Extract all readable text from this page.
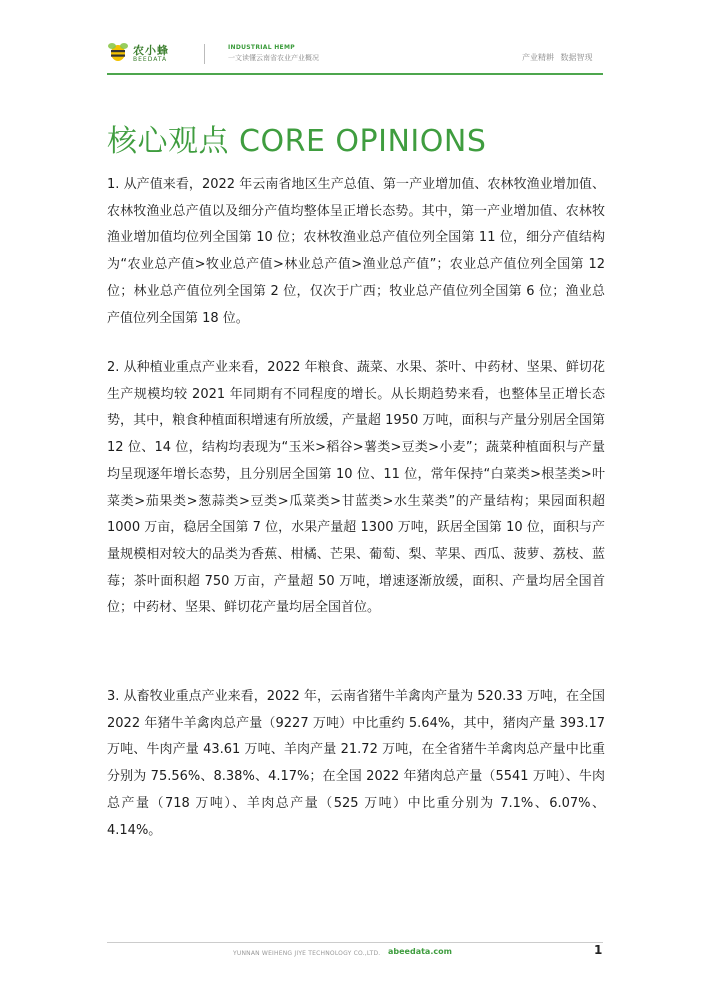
农小蜂
BEEDATA
INDUSTRIAL HEMP
一文读懂云南省农业产业概况	产业精耕 数据智现
核心观点 CORE OPINIONS

1. 从产值来看，2022 年云南省地区生产总值、第一产业增加值、农林牧渔业增加值、农林牧渔业总产值以及细分产值均整体呈正增长态势。其中，第一产业增加值、农林牧渔业增加值均位列全国第 10 位；农林牧渔业总产值位列全国第 11 位，细分产值结构为“农业总产值>牧业总产值>林业总产值>渔业总产值”；农业总产值位列全国第 12 位；林业总产值位列全国第 2 位，仅次于广西；牧业总产值位列全国第 6 位；渔业总产值位列全国第 18 位。

2. 从种植业重点产业来看，2022 年粮食、蔬菜、水果、茶叶、中药材、坚果、鲜切花生产规模均较 2021 年同期有不同程度的增长。从长期趋势来看，也整体呈正增长态势，其中，粮食种植面积增速有所放缓，产量超 1950 万吨，面积与产量分别居全国第 12 位、14 位，结构均表现为“玉米>稻谷>薯类>豆类>小麦”；蔬菜种植面积与产量均呈现逐年增长态势，且分别居全国第 10 位、11 位，常年保持“白菜类>根茎类>叶菜类>茄果类>葱蒜类>豆类>瓜菜类>甘蓝类>水生菜类”的产量结构；果园面积超 1000 万亩，稳居全国第 7 位，水果产量超 1300 万吨，跃居全国第 10 位，面积与产量规模相对较大的品类为香蕉、柑橘、芒果、葡萄、梨、苹果、西瓜、菠萝、荔枝、蓝莓；茶叶面积超 750 万亩，产量超 50 万吨，增速逐渐放缓，面积、产量均居全国首位；中药材、坚果、鲜切花产量均居全国首位。

3. 从畜牧业重点产业来看，2022 年，云南省猪牛羊禽肉产量为 520.33 万吨，在全国 2022 年猪牛羊禽肉总产量（9227 万吨）中比重约 5.64%，其中，猪肉产量 393.17 万吨、牛肉产量 43.61 万吨、羊肉产量 21.72 万吨，在全省猪牛羊禽肉总产量中比重分别为 75.56%、8.38%、4.17%；在全国 2022 年猪肉总产量（5541 万吨）、牛肉总产量（718 万吨）、羊肉总产量（525 万吨）中比重分别为 7.1%、6.07%、4.14%。

YUNNAN WEIHENG JIYE TECHNOLOGY CO.,LTD. abeedata.com	1
